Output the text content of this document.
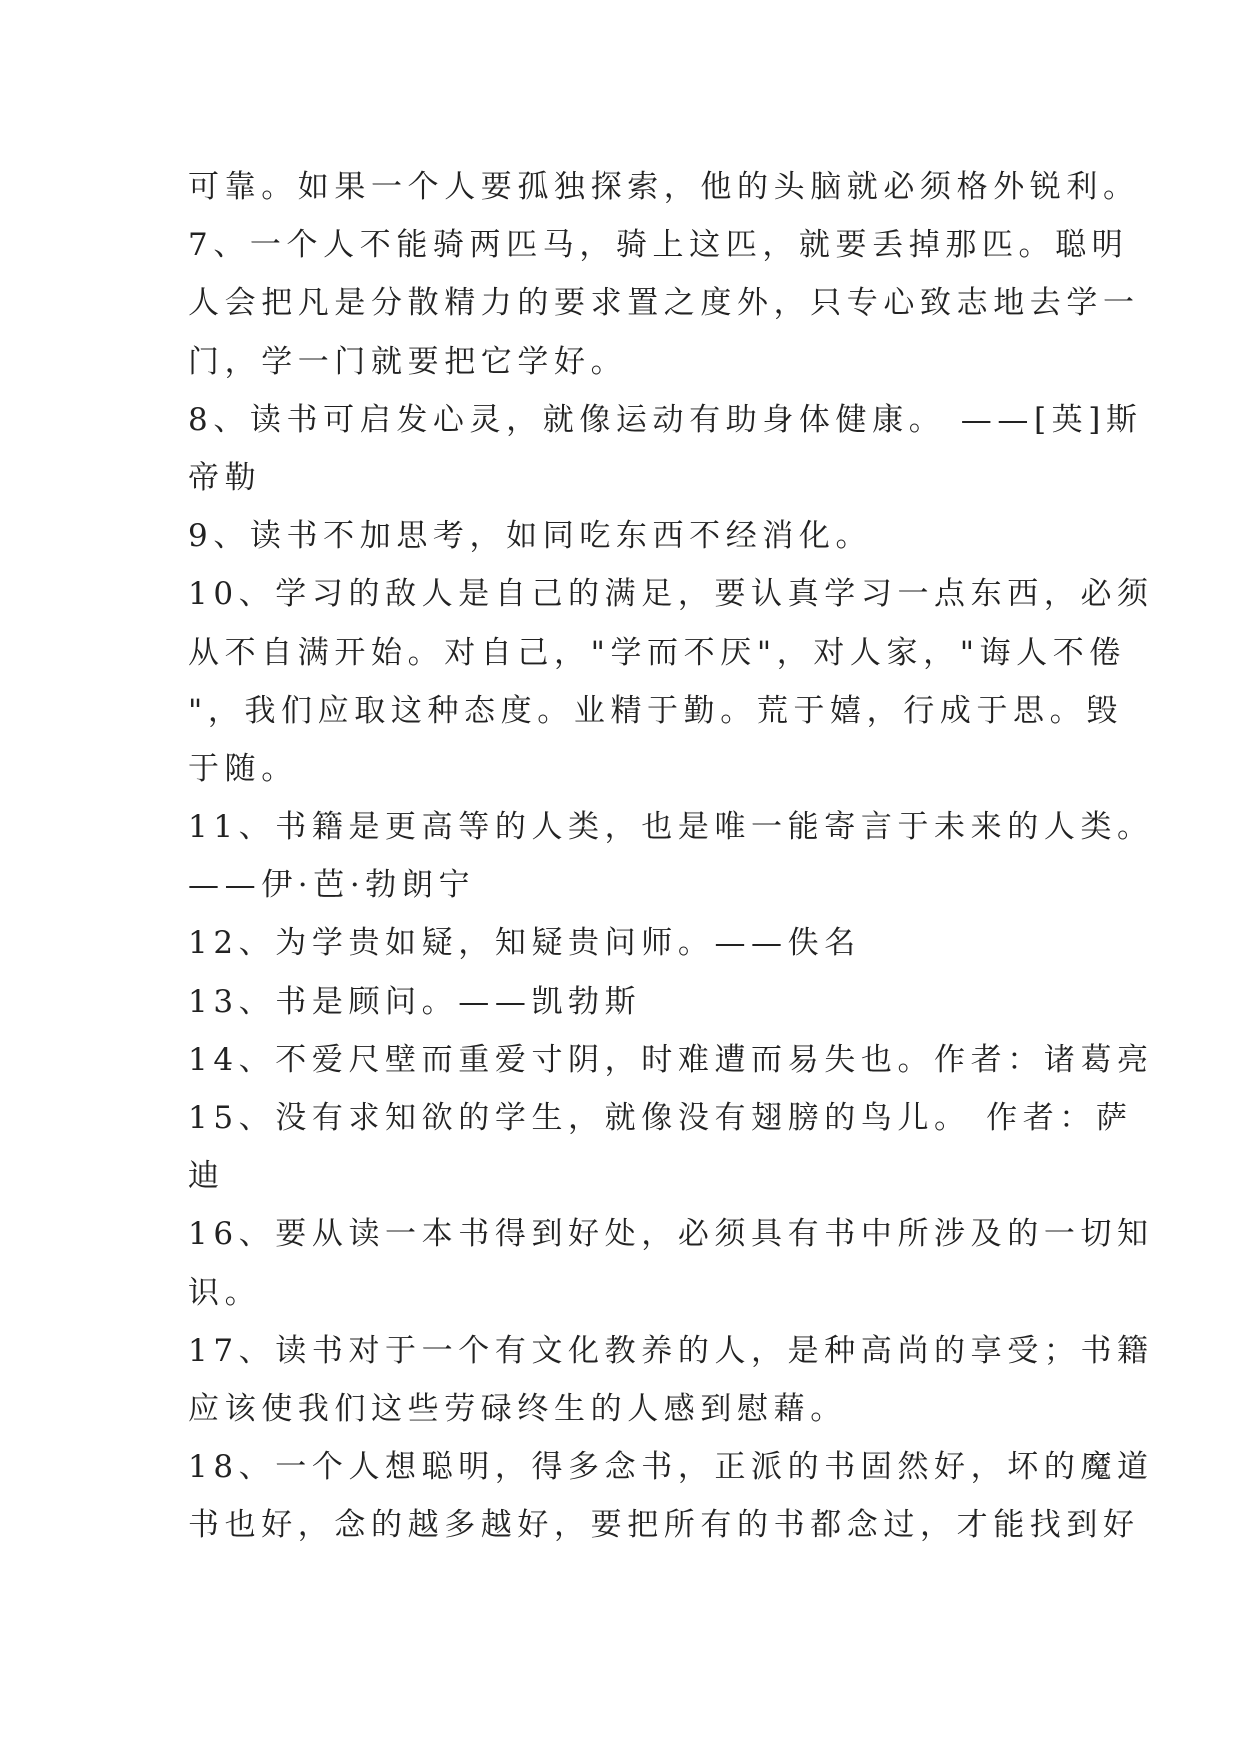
可靠。如果一个人要孤独探索，他的头脑就必须格外锐利。
7、一个人不能骑两匹马，骑上这匹，就要丢掉那匹。聪明
人会把凡是分散精力的要求置之度外，只专心致志地去学一
门，学一门就要把它学好。
8、读书可启发心灵，就像运动有助身体健康。 ——[英]斯
帝勒
9、读书不加思考，如同吃东西不经消化。
10、学习的敌人是自己的满足，要认真学习一点东西，必须
从不自满开始。对自己，"学而不厌"，对人家，"诲人不倦
"，我们应取这种态度。业精于勤。荒于嬉，行成于思。毁
于随。
11、书籍是更高等的人类，也是唯一能寄言于未来的人类。
——伊·芭·勃朗宁
12、为学贵如疑，知疑贵问师。——佚名
13、书是顾问。——凯勃斯
14、不爱尺壁而重爱寸阴，时难遭而易失也。作者：诸葛亮
15、没有求知欲的学生，就像没有翅膀的鸟儿。 作者：萨
迪
16、要从读一本书得到好处，必须具有书中所涉及的一切知
识。
17、读书对于一个有文化教养的人，是种高尚的享受；书籍
应该使我们这些劳碌终生的人感到慰藉。
18、一个人想聪明，得多念书，正派的书固然好，坏的魔道
书也好，念的越多越好，要把所有的书都念过，才能找到好
